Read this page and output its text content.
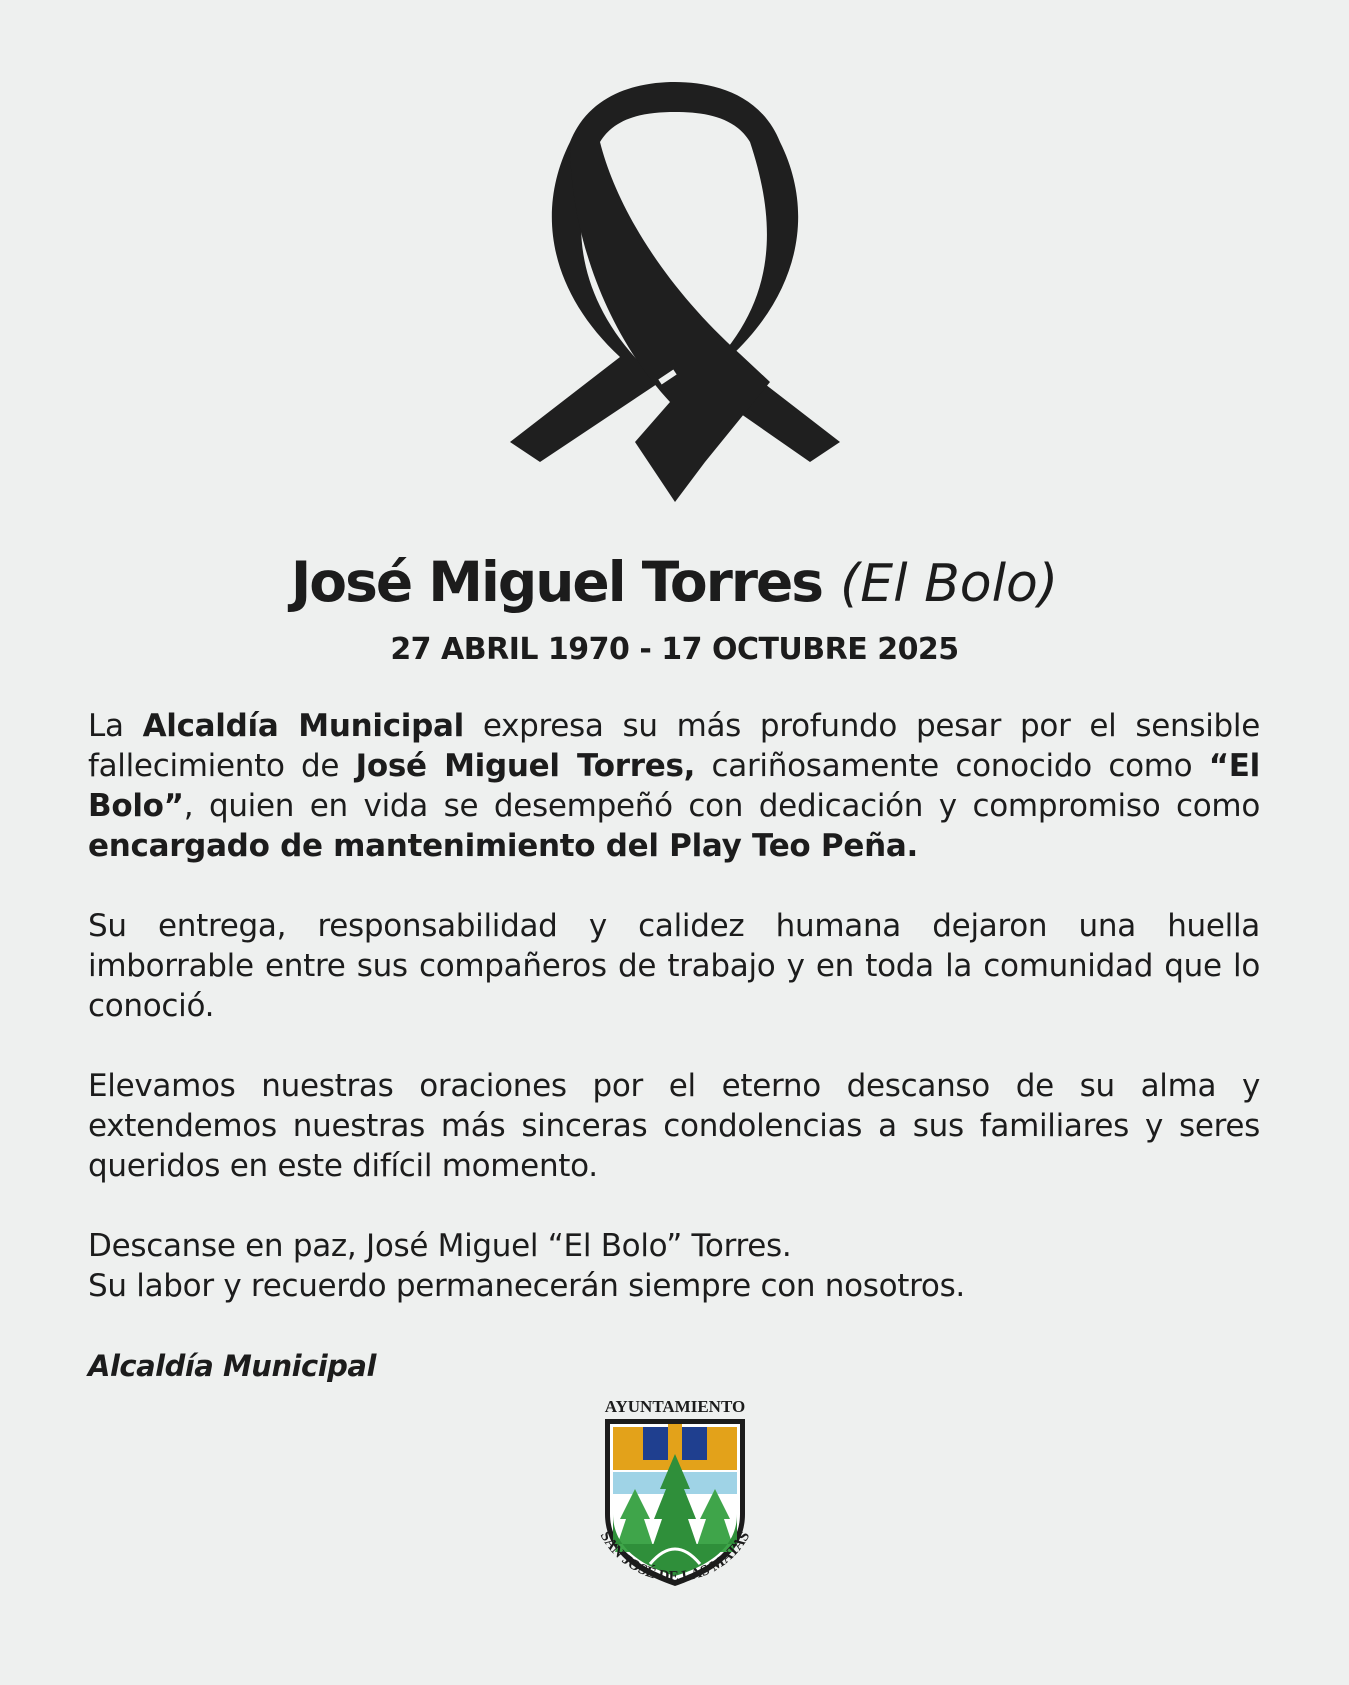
José Miguel Torres (El Bolo)
27 ABRIL 1970 - 17 OCTUBRE 2025

La Alcaldía Municipal expresa su más profundo pesar por el sensible fallecimiento de José Miguel Torres, cariñosamente conocido como “El Bolo”, quien en vida se desempeñó con dedicación y compromiso como encargado de mantenimiento del Play Teo Peña.

Su entrega, responsabilidad y calidez humana dejaron una huella imborrable entre sus compañeros de trabajo y en toda la comunidad que lo conoció.

Elevamos nuestras oraciones por el eterno descanso de su alma y extendemos nuestras más sinceras condolencias a sus familiares y seres queridos en este difícil momento.

Descanse en paz, José Miguel “El Bolo” Torres.
Su labor y recuerdo permanecerán siempre con nosotros.

Alcaldía Municipal
AYUNTAMIENTO
SAN JOSÉ DE LAS MATAS
